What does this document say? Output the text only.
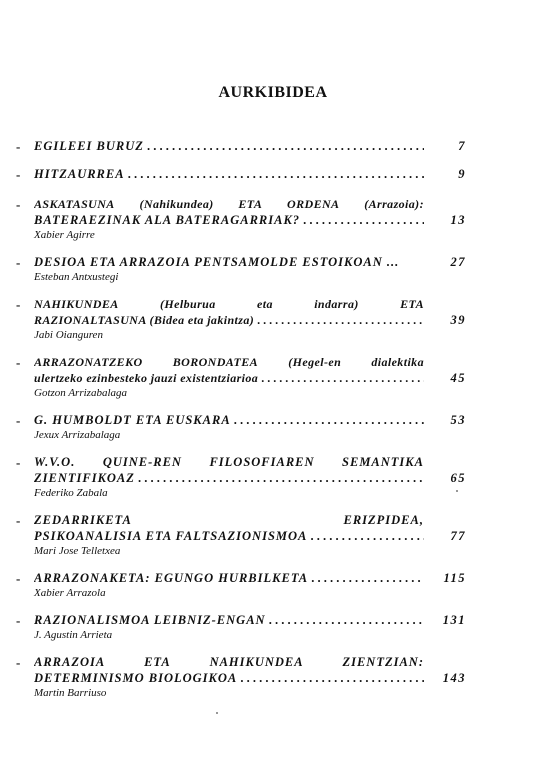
AURKIBIDEA
- EGILEEI BURUZ . . .	7
- HITZAURREA . . .	9
- ASKATASUNA (Nahikundea) ETA ORDENA (Arrazoia):
BATERAEZINAK ALA BATERAGARRIAK? . . .	13
Xabier Agirre
- DESIOA ETA ARRAZOIA PENTSAMOLDE ESTOIKOAN ...	27
Esteban Antxustegi
- NAHIKUNDEA	(Helburua	eta	indarra)	ETA
RAZIONALTASUNA (Bidea eta jakintza) . . .	39
Jabi Oianguren
- ARRAZONATZEKO	BORONDATEA	(Hegel-en	dialektika
ulertzeko ezinbesteko jauzi existentziarioa . . .	45
Gotzon Arrizabalaga
- G. HUMBOLDT ETA EUSKARA . . .	53
Jexux Arrizabalaga
- W.V.O. QUINE-REN FILOSOFIAREN SEMANTIKA
ZIENTIFIKOAZ . . .	65
Federiko Zabala
- ZEDARRIKETA	ERIZPIDEA,
PSIKOANALISIA ETA FALTSAZIONISMOA . . .	77
Mari Jose Telletxea
- ARRAZONAKETA: EGUNGO HURBILKETA . . .	115
Xabier Arrazola
- RAZIONALISMOA LEIBNIZ-ENGAN . . .	131
J. Agustin Arrieta
- ARRAZOIA	ETA	NAHIKUNDEA	ZIENTZIAN:
DETERMINISMO BIOLOGIKOA . . .	143
Martin Barriuso
